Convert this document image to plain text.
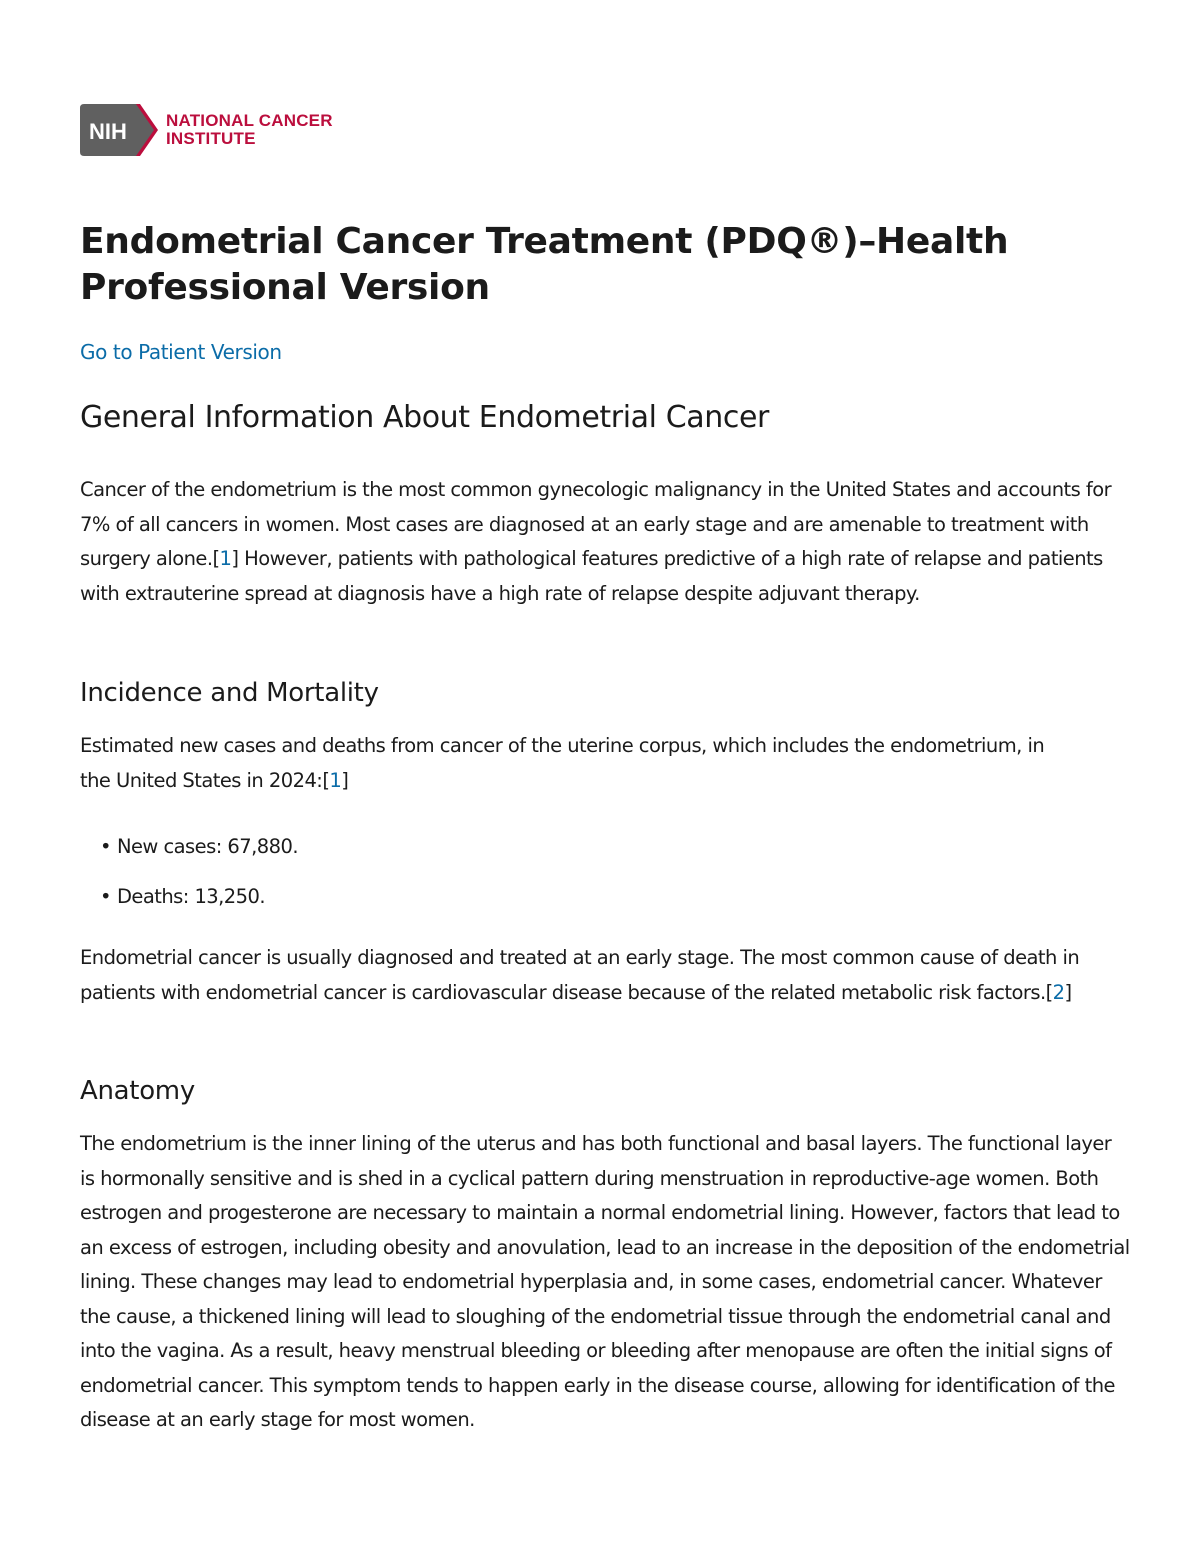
NIH NATIONAL CANCER
INSTITUTE
Endometrial Cancer Treatment (PDQ®)–Health Professional Version
Go to Patient Version
General Information About Endometrial Cancer

Cancer of the endometrium is the most common gynecologic malignancy in the United States and accounts for 7% of all cancers in women. Most cases are diagnosed at an early stage and are amenable to treatment with surgery alone.[1] However, patients with pathological features predictive of a high rate of relapse and patients with extrauterine spread at diagnosis have a high rate of relapse despite adjuvant therapy.

Incidence and Mortality

Estimated new cases and deaths from cancer of the uterine corpus, which includes the endometrium, in the United States in 2024:[1]

• New cases: 67,880.
• Deaths: 13,250.

Endometrial cancer is usually diagnosed and treated at an early stage. The most common cause of death in patients with endometrial cancer is cardiovascular disease because of the related metabolic risk factors.[2]

Anatomy

The endometrium is the inner lining of the uterus and has both functional and basal layers. The functional layer is hormonally sensitive and is shed in a cyclical pattern during menstruation in reproductive-age women. Both estrogen and progesterone are necessary to maintain a normal endometrial lining. However, factors that lead to an excess of estrogen, including obesity and anovulation, lead to an increase in the deposition of the endometrial lining. These changes may lead to endometrial hyperplasia and, in some cases, endometrial cancer. Whatever the cause, a thickened lining will lead to sloughing of the endometrial tissue through the endometrial canal and into the vagina. As a result, heavy menstrual bleeding or bleeding after menopause are often the initial signs of endometrial cancer. This symptom tends to happen early in the disease course, allowing for identification of the disease at an early stage for most women.
